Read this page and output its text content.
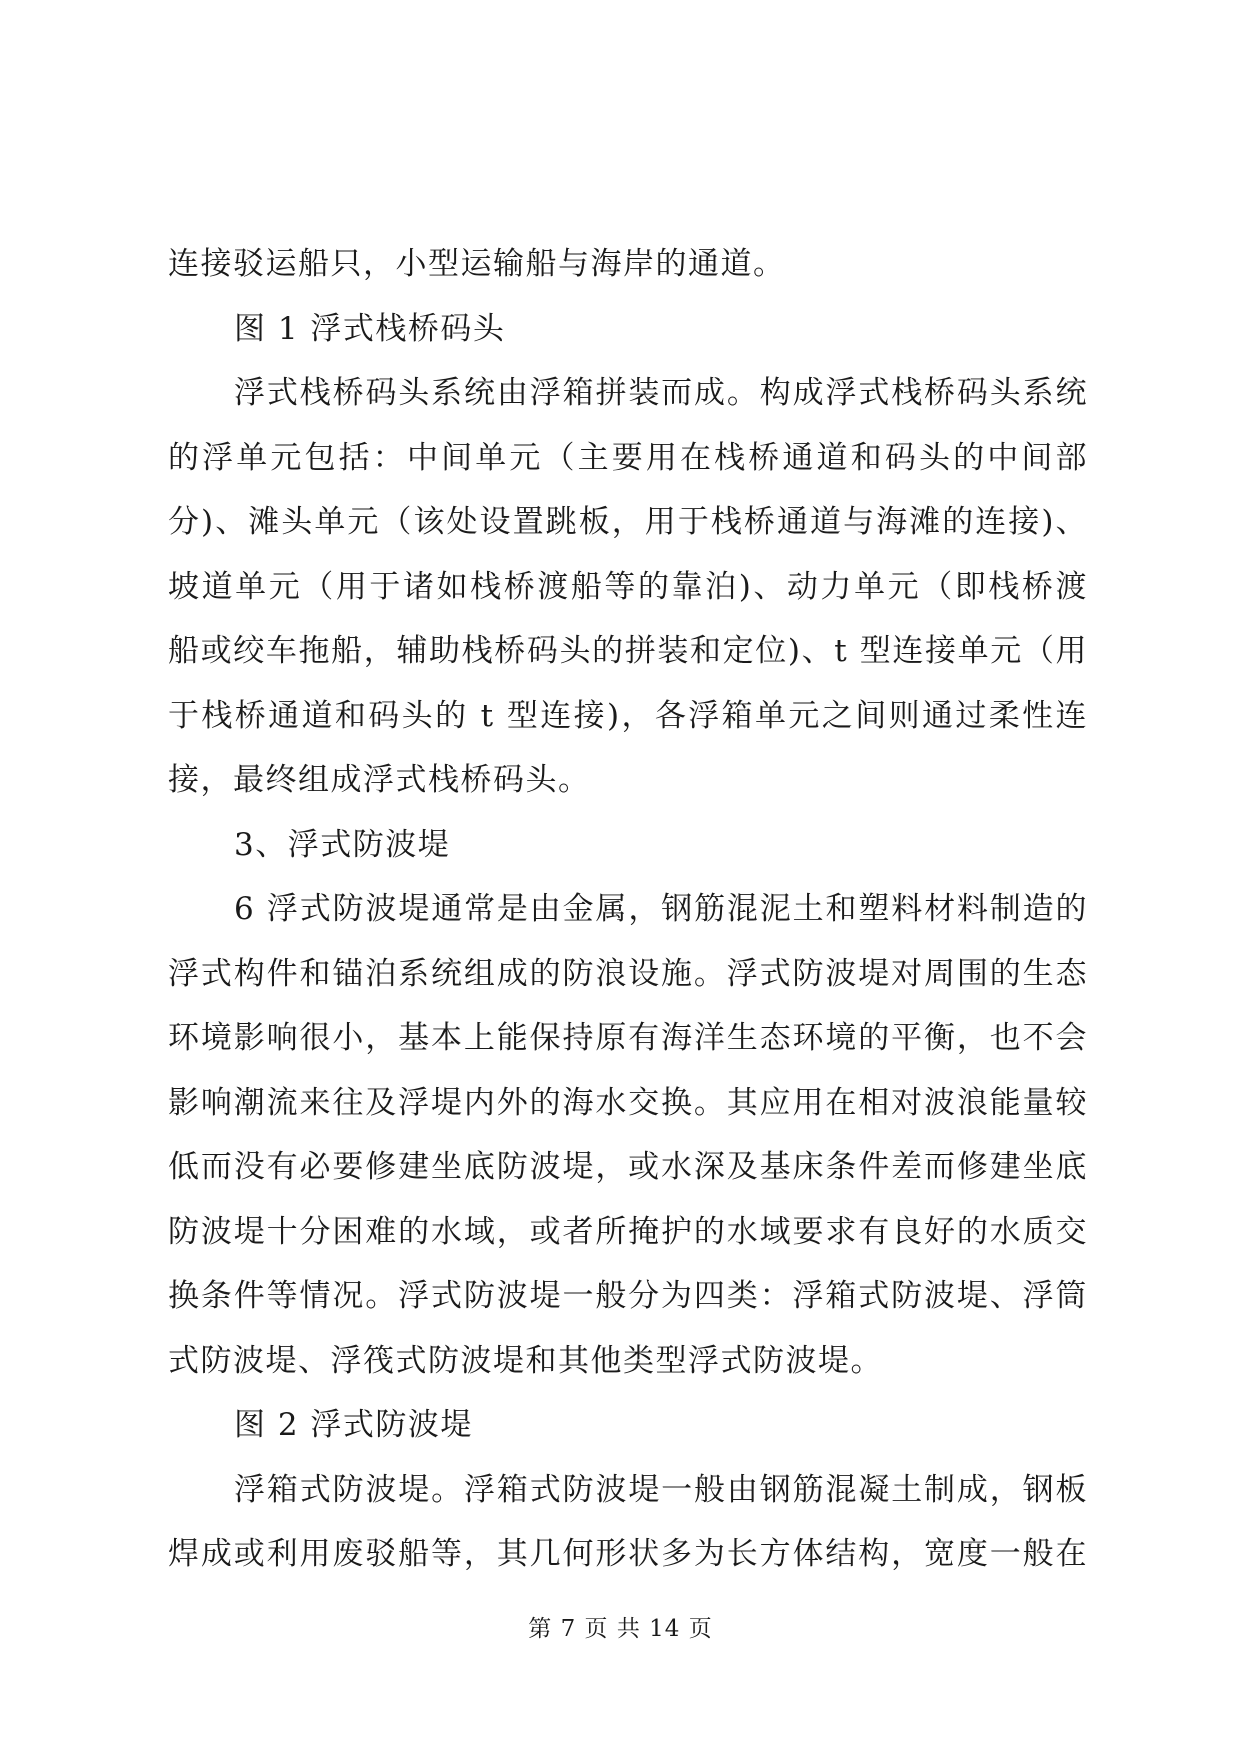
连接驳运船只，小型运输船与海岸的通道。
图 1 浮式栈桥码头
浮式栈桥码头系统由浮箱拼装而成。构成浮式栈桥码头系统
的浮单元包括：中间单元（主要用在栈桥通道和码头的中间部
分)、滩头单元（该处设置跳板，用于栈桥通道与海滩的连接)、
坡道单元（用于诸如栈桥渡船等的靠泊)、动力单元（即栈桥渡
船或绞车拖船，辅助栈桥码头的拼装和定位)、t 型连接单元（用
于栈桥通道和码头的 t 型连接)，各浮箱单元之间则通过柔性连
接，最终组成浮式栈桥码头。
3、浮式防波堤
6 浮式防波堤通常是由金属，钢筋混泥土和塑料材料制造的
浮式构件和锚泊系统组成的防浪设施。浮式防波堤对周围的生态
环境影响很小，基本上能保持原有海洋生态环境的平衡，也不会
影响潮流来往及浮堤内外的海水交换。其应用在相对波浪能量较
低而没有必要修建坐底防波堤，或水深及基床条件差而修建坐底
防波堤十分困难的水域，或者所掩护的水域要求有良好的水质交
换条件等情况。浮式防波堤一般分为四类：浮箱式防波堤、浮筒
式防波堤、浮筏式防波堤和其他类型浮式防波堤。
图 2 浮式防波堤
浮箱式防波堤。浮箱式防波堤一般由钢筋混凝土制成，钢板
焊成或利用废驳船等，其几何形状多为长方体结构，宽度一般在
第 7 页 共 14 页
